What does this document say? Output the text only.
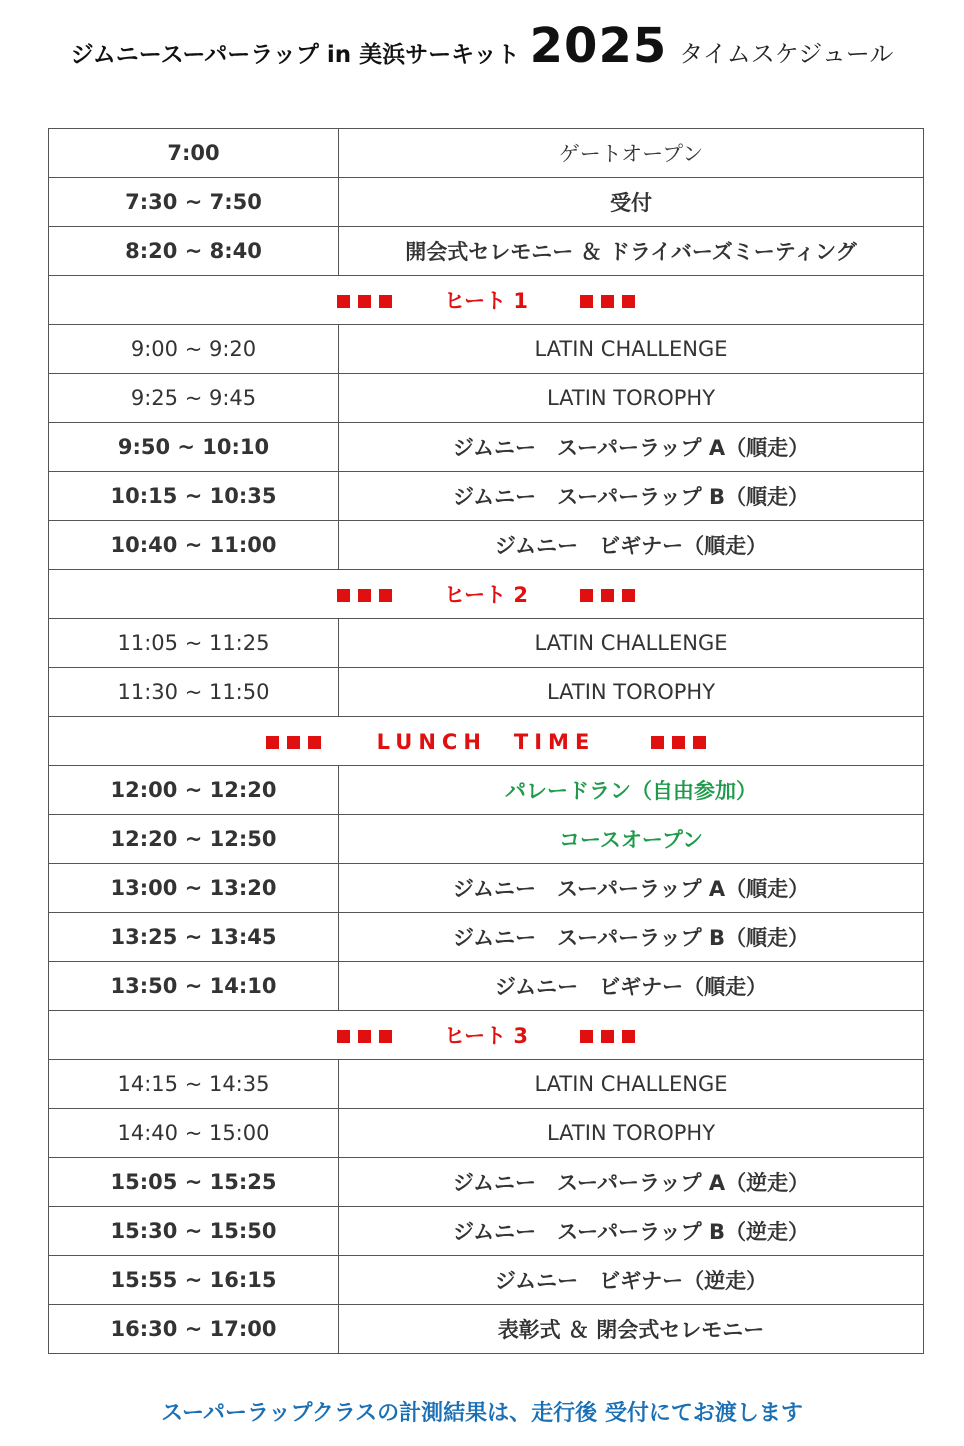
ジムニースーパーラップ in 美浜サーキット 2025 タイムスケジュール
7:00	ゲートオープン
7:30 ~ 7:50	受付
8:20 ~ 8:40	開会式セレモニー ＆ ドライバーズミーティング
ヒート 1	
9:00 ~ 9:20	LATIN CHALLENGE
9:25 ~ 9:45	LATIN TOROPHY
9:50 ~ 10:10	ジムニー　スーパーラップ A（順走）
10:15 ~ 10:35	ジムニー　スーパーラップ B（順走）
10:40 ~ 11:00	ジムニー　ビギナー（順走）
ヒート 2	
11:05 ~ 11:25	LATIN CHALLENGE
11:30 ~ 11:50	LATIN TOROPHY
LUNCH　TIME	
12:00 ~ 12:20	パレードラン（自由参加）
12:20 ~ 12:50	コースオープン
13:00 ~ 13:20	ジムニー　スーパーラップ A（順走）
13:25 ~ 13:45	ジムニー　スーパーラップ B（順走）
13:50 ~ 14:10	ジムニー　ビギナー（順走）
ヒート 3	
14:15 ~ 14:35	LATIN CHALLENGE
14:40 ~ 15:00	LATIN TOROPHY
15:05 ~ 15:25	ジムニー　スーパーラップ A（逆走）
15:30 ~ 15:50	ジムニー　スーパーラップ B（逆走）
15:55 ~ 16:15	ジムニー　ビギナー（逆走）
16:30 ~ 17:00	表彰式 ＆ 閉会式セレモニー
スーパーラップクラスの計測結果は、走行後 受付にてお渡します
